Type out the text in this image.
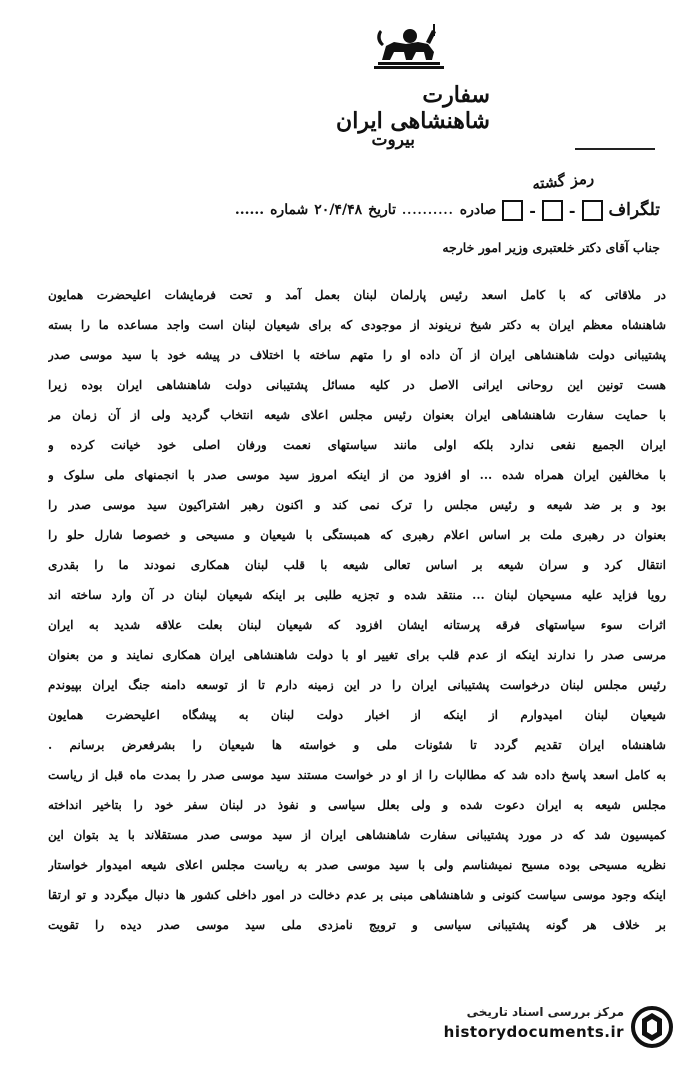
سفارت شاهنشاهی ایران
بیروت
رمز گشته
تلگراف
-
-
صادره
..........
تاریخ
۲۰/۴/۴۸
شماره
......
جناب آقای دکتر خلعتبری وزیر امور خارجه
در ملاقاتی که با کامل اسعد رئیس پارلمان لبنان بعمل آمد و تحت فرمایشات اعلیحضرت همایون
شاهنشاه معظم ایران به دکتر شیخ نرینوند از موجودی که برای شیعیان لبنان است واجد مساعده ما را بسته
پشتیبانی دولت شاهنشاهی ایران از آن داده او را متهم ساخته با اختلاف در پیشه خود با سید موسی صدر
هست تونین این روحانی ایرانی الاصل در کلیه مسائل پشتیبانی دولت شاهنشاهی ایران بوده زیرا
با حمایت سفارت شاهنشاهی ایران بعنوان رئیس مجلس اعلای شیعه انتخاب گردید ولی از آن زمان مر
ایران الجمیع نفعی ندارد بلکه اولی مانند سیاستهای نعمت ورفان اصلی خود خیانت کرده و
با مخالفین ایران همراه شده ... او افزود من از اینکه امروز سید موسی صدر با انجمنهای ملی سلوک و
بود و بر ضد شیعه و رئیس مجلس را ترک نمی کند و اکنون رهبر اشتراکیون سید موسی صدر را
بعنوان در رهبری ملت بر اساس اعلام رهبری که همبستگی با شیعیان و مسیحی و خصوصا شارل حلو را
انتقال کرد و سران شیعه بر اساس تعالی شیعه با قلب لبنان همکاری نمودند ما را بقدری
رویا فزاید علیه مسیحیان لبنان ... منتقد شده و تجزیه طلبی بر اینکه شیعیان لبنان در آن وارد ساخته اند
اثرات سوء سیاستهای فرقه پرستانه ایشان افزود که شیعیان لبنان بعلت علاقه شدید به ایران
مرسی صدر را ندارند اینکه از عدم قلب برای تغییر او با دولت شاهنشاهی ایران همکاری نمایند و من بعنوان
رئیس مجلس لبنان درخواست پشتیبانی ایران را در این زمینه دارم تا از توسعه دامنه جنگ ایران بپیوندم
شیعیان لبنان امیدوارم از اینکه از اخبار دولت لبنان به پیشگاه اعلیحضرت همایون
شاهنشاه ایران تقدیم گردد تا شئونات ملی و خواسته ها شیعیان را بشرفعرض برسانم .
به کامل اسعد پاسخ داده شد که مطالبات را از او در خواست مستند سید موسی صدر را بمدت ماه قبل از ریاست
مجلس شیعه به ایران دعوت شده و ولی بعلل سیاسی و نفوذ در لبنان سفر خود را بتاخیر انداخته
کمیسیون شد که در مورد پشتیبانی سفارت شاهنشاهی ایران از سید موسی صدر مستقلاند با ید بتوان این
نظریه مسیحی بوده مسیح نمیشناسم ولی با سید موسی صدر به ریاست مجلس اعلای شیعه امیدوار خواستار
اینکه وجود موسی سیاست کنونی و شاهنشاهی مبنی بر عدم دخالت در امور داخلی کشور ها دنبال میگردد و تو ارتقا
بر خلاف هر گونه پشتیبانی سیاسی و ترویج نامزدی ملی سید موسی صدر دیده را تقویت
مرکز بررسی اسناد تاریخی
historydocuments.ir
